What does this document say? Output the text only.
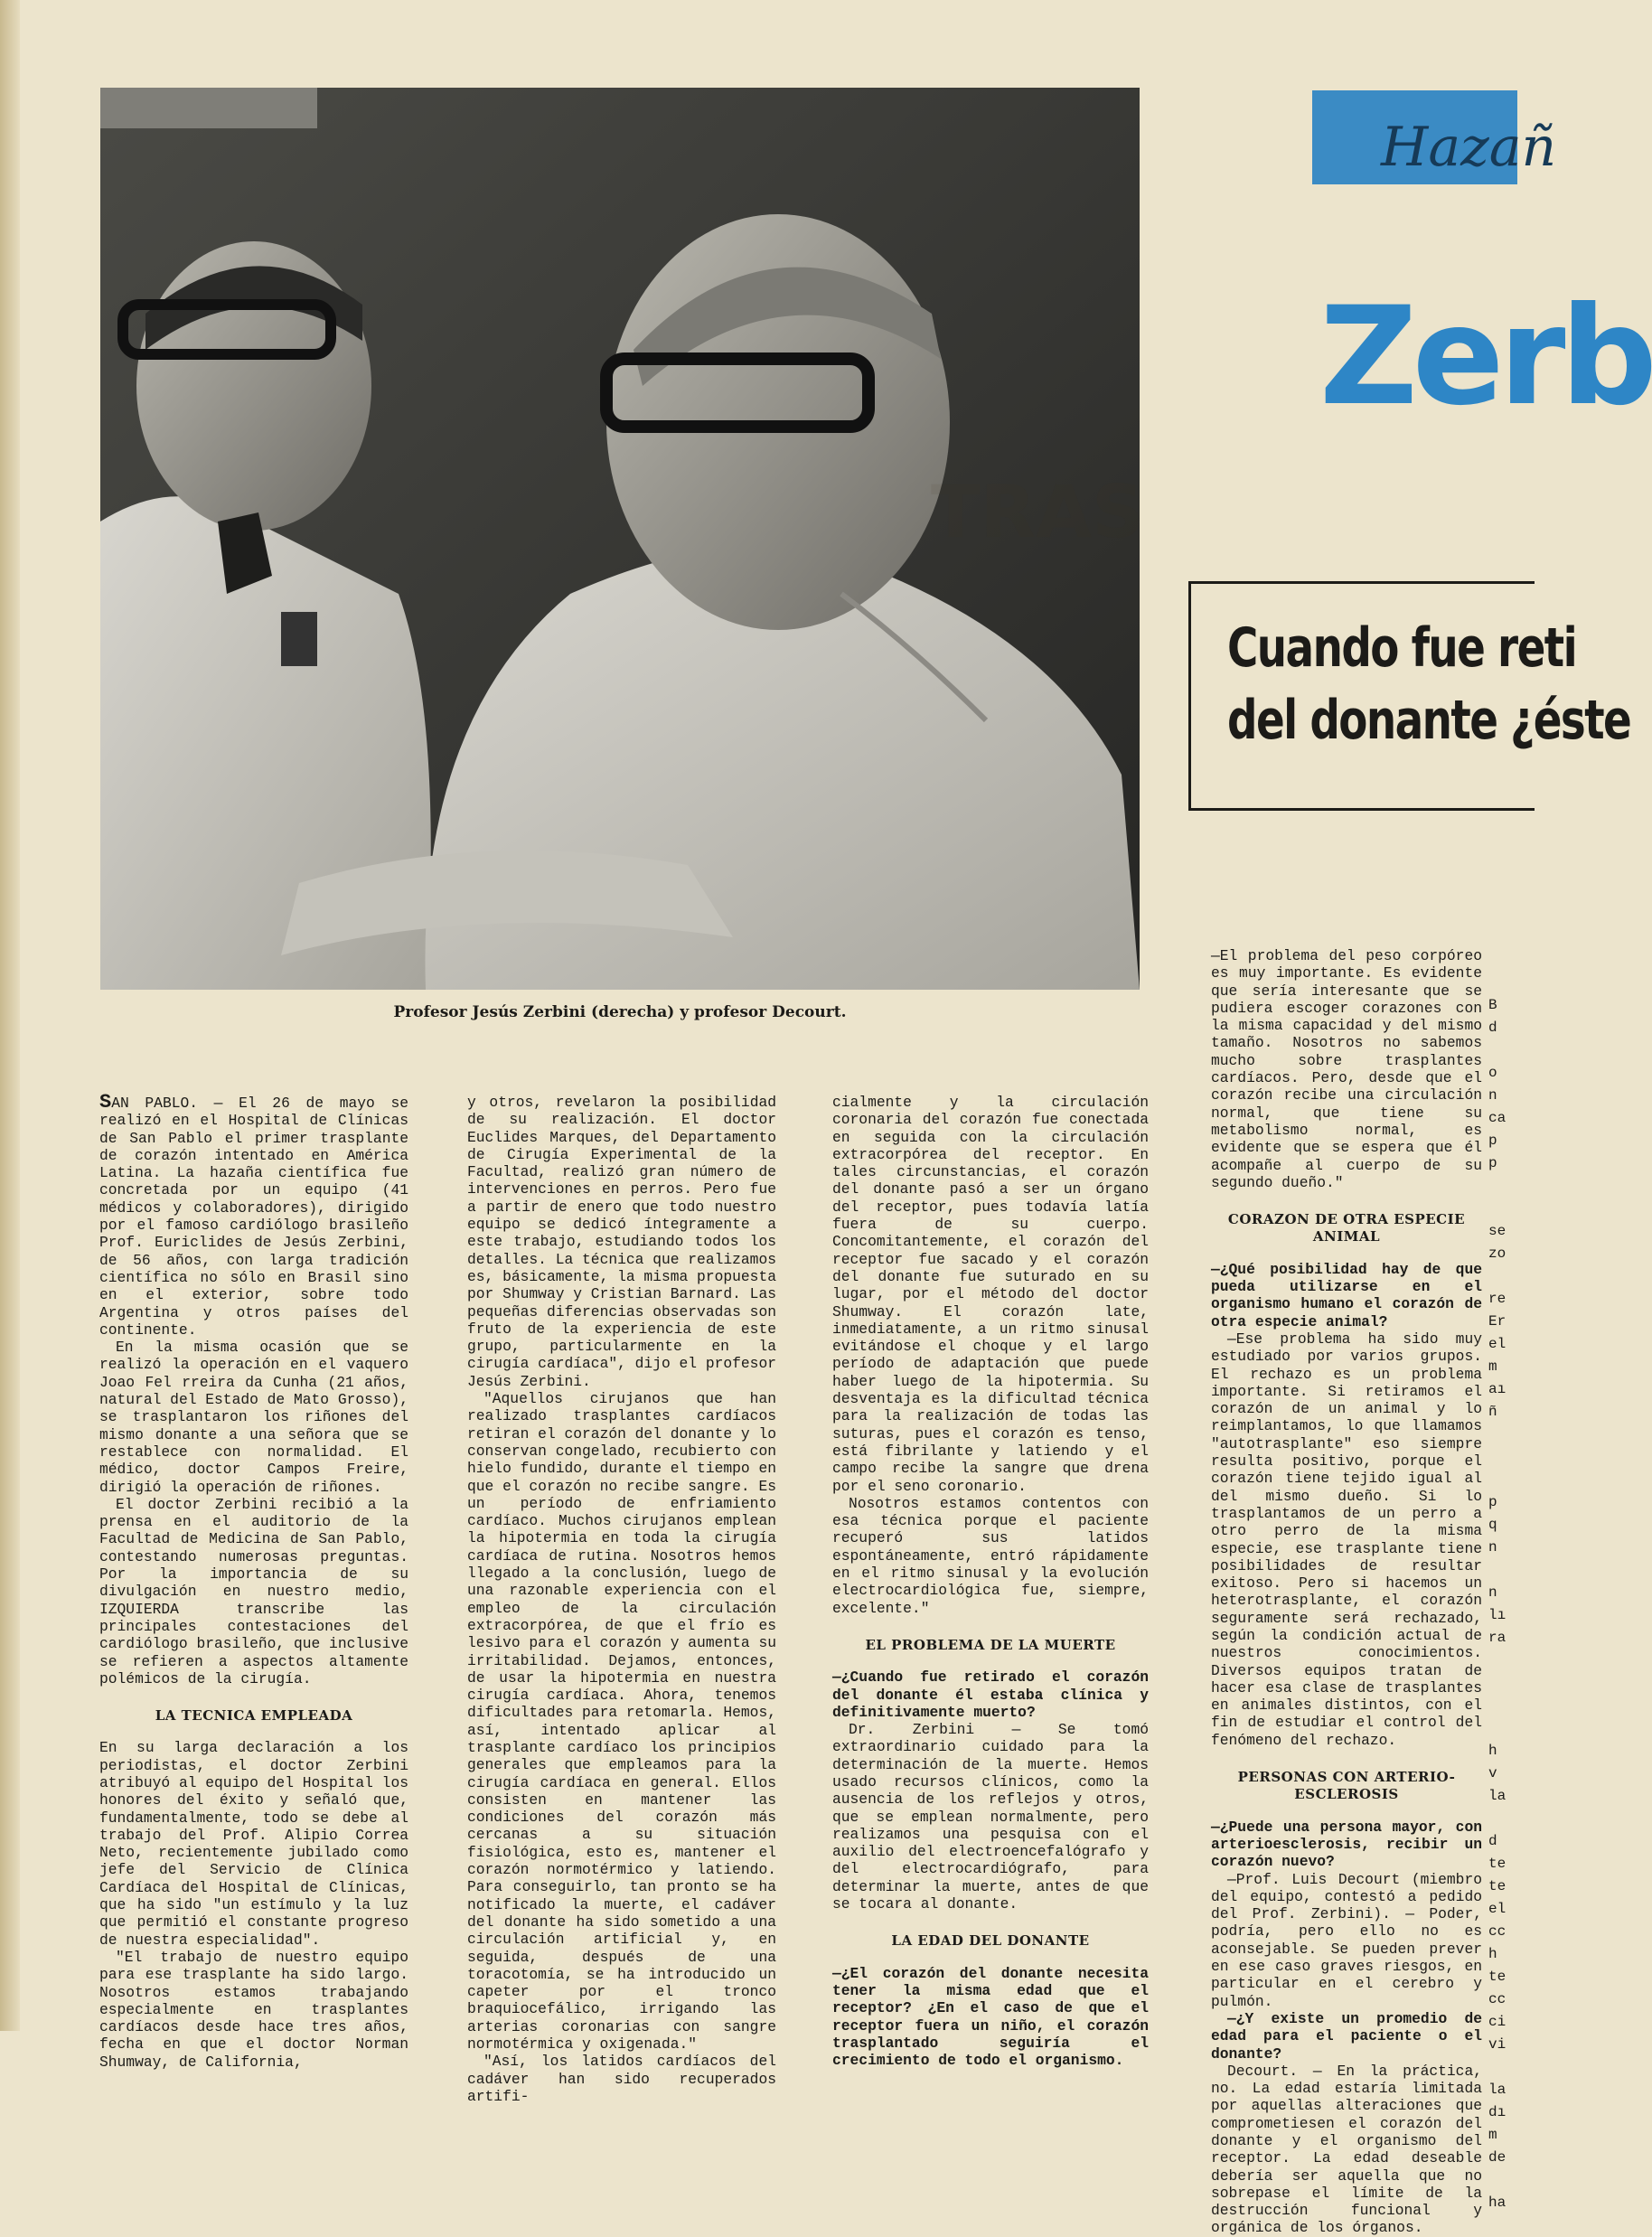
Profesor Jesús Zerbini (derecha) y profesor Decourt.
TRAS
Hazañ
Zerb
Cuando fue reti
del donante ¿éste

SAN PABLO. — El 26 de mayo se realizó en el Hospital de Clínicas de San Pablo el primer trasplante de corazón intentado en América Latina. La hazaña científica fue concretada por un equipo (41 médicos y colaboradores), dirigido por el famoso cardiólogo brasileño Prof. Euriclides de Jesús Zerbini, de 56 años, con larga tradición científica no sólo en Brasil sino en el exterior, sobre todo Argentina y otros países del continente.

En la misma ocasión que se realizó la operación en el vaquero Joao Fel rreira da Cunha (21 años, natural del Estado de Mato Grosso), se trasplantaron los riñones del mismo donante a una señora que se restablece con normalidad. El médico, doctor Campos Freire, dirigió la operación de riñones.

El doctor Zerbini recibió a la prensa en el auditorio de la Facultad de Medicina de San Pablo, contestando numerosas preguntas. Por la importancia de su divulgación en nuestro medio, IZQUIERDA transcribe las principales contestaciones del cardiólogo brasileño, que inclusive se refieren a aspectos altamente polémicos de la cirugía.

LA TECNICA EMPLEADA

En su larga declaración a los periodistas, el doctor Zerbini atribuyó al equipo del Hospital los honores del éxito y señaló que, fundamentalmente, todo se debe al trabajo del Prof. Alipio Correa Neto, recientemente jubilado como jefe del Servicio de Clínica Cardíaca del Hospital de Clínicas, que ha sido "un estímulo y la luz que permitió el constante progreso de nuestra especialidad".

"El trabajo de nuestro equipo para ese trasplante ha sido largo. Nosotros estamos trabajando especialmente en trasplantes cardíacos desde hace tres años, fecha en que el doctor Norman Shumway, de California,

y otros, revelaron la posibilidad de su realización. El doctor Euclides Marques, del Departamento de Cirugía Experimental de la Facultad, realizó gran número de intervenciones en perros. Pero fue a partir de enero que todo nuestro equipo se dedicó íntegramente a este trabajo, estudiando todos los detalles. La técnica que realizamos es, básicamente, la misma propuesta por Shumway y Cristian Barnard. Las pequeñas diferencias observadas son fruto de la experiencia de este grupo, particularmente en la cirugía cardíaca", dijo el profesor Jesús Zerbini.

"Aquellos cirujanos que han realizado trasplantes cardíacos retiran el corazón del donante y lo conservan congelado, recubierto con hielo fundido, durante el tiempo en que el corazón no recibe sangre. Es un período de enfriamiento cardíaco. Muchos cirujanos emplean la hipotermia en toda la cirugía cardíaca de rutina. Nosotros hemos llegado a la conclusión, luego de una razonable experiencia con el empleo de la circulación extracorpórea, de que el frío es lesivo para el corazón y aumenta su irritabilidad. Dejamos, entonces, de usar la hipotermia en nuestra cirugía cardíaca. Ahora, tenemos dificultades para retomarla. Hemos, así, intentado aplicar al trasplante cardíaco los principios generales que empleamos para la cirugía cardíaca en general. Ellos consisten en mantener las condiciones del corazón más cercanas a su situación fisiológica, esto es, mantener el corazón normotérmico y latiendo. Para conseguirlo, tan pronto se ha notificado la muerte, el cadáver del donante ha sido sometido a una circulación artificial y, en seguida, después de una toracotomía, se ha introducido un capeter por el tronco braquiocefálico, irrigando las arterias coronarias con sangre normotérmica y oxigenada."

"Así, los latidos cardíacos del cadáver han sido recuperados artifi-

cialmente y la circulación coronaria del corazón fue conectada en seguida con la circulación extracorpórea del receptor. En tales circunstancias, el corazón del donante pasó a ser un órgano del receptor, pues todavía latía fuera de su cuerpo. Concomitantemente, el corazón del receptor fue sacado y el corazón del donante fue suturado en su lugar, por el método del doctor Shumway. El corazón late, inmediatamente, a un ritmo sinusal evitándose el choque y el largo período de adaptación que puede haber luego de la hipotermia. Su desventaja es la dificultad técnica para la realización de todas las suturas, pues el corazón es tenso, está fibrilante y latiendo y el campo recibe la sangre que drena por el seno coronario.

Nosotros estamos contentos con esa técnica porque el paciente recuperó sus latidos espontáneamente, entró rápidamente en el ritmo sinusal y la evolución electrocardiológica fue, siempre, excelente."

EL PROBLEMA DE LA MUERTE

—¿Cuando fue retirado el corazón del donante él estaba clínica y definitivamente muerto?

Dr. Zerbini — Se tomó extraordinario cuidado para la determinación de la muerte. Hemos usado recursos clínicos, como la ausencia de los reflejos y otros, que se emplean normalmente, pero realizamos una pesquisa con el auxilio del electroencefalógrafo y del electrocardiógrafo, para determinar la muerte, antes de que se tocara al donante.

LA EDAD DEL DONANTE

—¿El corazón del donante necesita tener la misma edad que el receptor? ¿En el caso de que el receptor fuera un niño, el corazón trasplantado seguiría el crecimiento de todo el organismo.

—El problema del peso corpóreo es muy importante. Es evidente que sería interesante que se pudiera escoger corazones con la misma capacidad y del mismo tamaño. Nosotros no sabemos mucho sobre trasplantes cardíacos. Pero, desde que el corazón recibe una circulación normal, que tiene su metabolismo normal, es evidente que se espera que él acompañe al cuerpo de su segundo dueño."

CORAZON DE OTRA ESPECIE ANIMAL

—¿Qué posibilidad hay de que pueda utilizarse en el organismo humano el corazón de otra especie animal?

—Ese problema ha sido muy estudiado por varios grupos. El rechazo es un problema importante. Si retiramos el corazón de un animal y lo reimplantamos, lo que llamamos "autotrasplante" eso siempre resulta positivo, porque el corazón tiene tejido igual al del mismo dueño. Si lo trasplantamos de un perro a otro perro de la misma especie, ese trasplante tiene posibilidades de resultar exitoso. Pero si hacemos un heterotrasplante, el corazón seguramente será rechazado, según la condición actual de nuestros conocimientos. Diversos equipos tratan de hacer esa clase de trasplantes en animales distintos, con el fin de estudiar el control del fenómeno del rechazo.

PERSONAS CON ARTERIO-ESCLEROSIS

—¿Puede una persona mayor, con arterioesclerosis, recibir un corazón nuevo?

—Prof. Luis Decourt (miembro del equipo, contestó a pedido del Prof. Zerbini). — Poder, podría, pero ello no es aconsejable. Se pueden prever en ese caso graves riesgos, en particular en el cerebro y pulmón.

—¿Y existe un promedio de edad para el paciente o el donante?

Decourt. — En la práctica, no. La edad estaría limitada por aquellas alteraciones que comprometiesen el corazón del donante y el organismo del receptor. La edad deseable debería ser aquella que no sobrepase el límite de la destrucción funcional y orgánica de los órganos.

B
d
o
n
ca
p
p
se
zo
re
Er
el
m
aı
ñ
p
q
n
n
lı
ra
h
v
la
d
te
te
el
cc
h
te
cc
ci
vi
la
dı
m
de
ha
